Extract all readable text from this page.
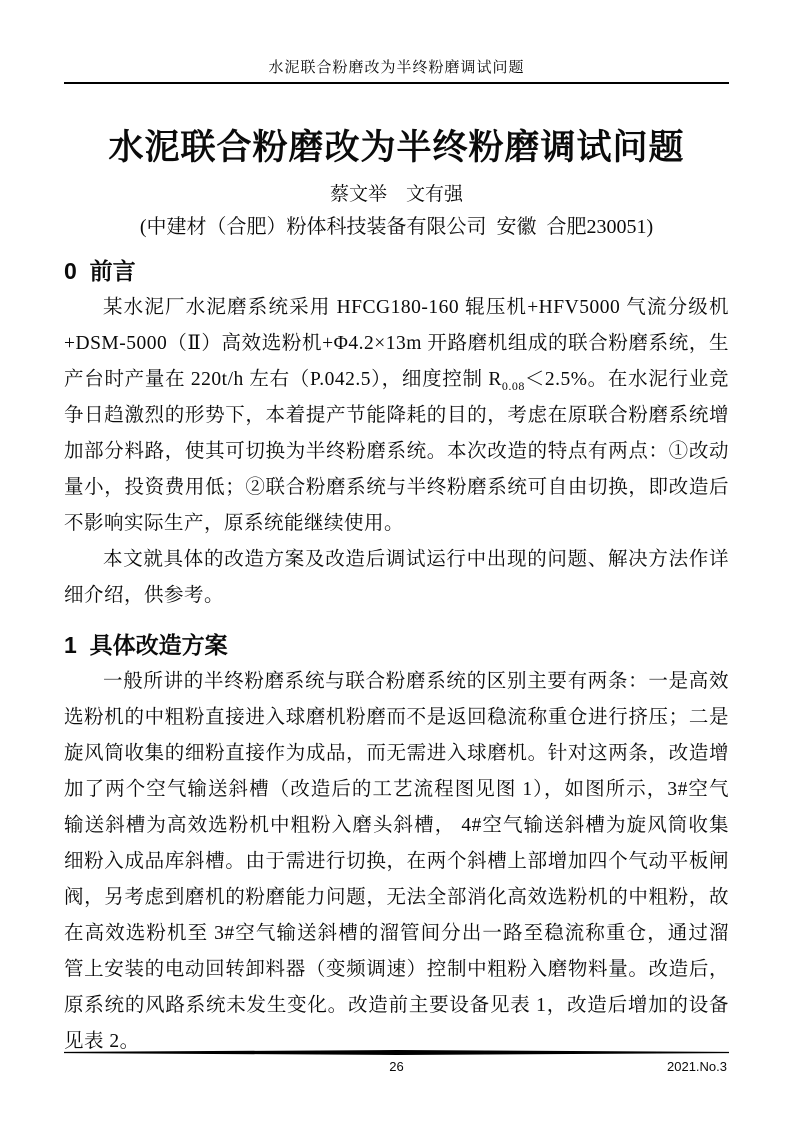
水泥联合粉磨改为半终粉磨调试问题
水泥联合粉磨改为半终粉磨调试问题
蔡文举    文有强
(中建材（合肥）粉体科技装备有限公司  安徽  合肥230051)
0  前言

某水泥厂水泥磨系统采用 HFCG180-160 辊压机+HFV5000 气流分级机+DSM-5000（Ⅱ）高效选粉机+Φ4.2×13m 开路磨机组成的联合粉磨系统，生产台时产量在 220t/h 左右（P.042.5），细度控制 $R_{0.08}<2.5\%$。在水泥行业竞争日趋激烈的形势下，本着提产节能降耗的目的，考虑在原联合粉磨系统增加部分料路，使其可切换为半终粉磨系统。本次改造的特点有两点：①改动量小，投资费用低；②联合粉磨系统与半终粉磨系统可自由切换，即改造后不影响实际生产，原系统能继续使用。

本文就具体的改造方案及改造后调试运行中出现的问题、解决方法作详细介绍，供参考。

1  具体改造方案

一般所讲的半终粉磨系统与联合粉磨系统的区别主要有两条：一是高效选粉机的中粗粉直接进入球磨机粉磨而不是返回稳流称重仓进行挤压；二是旋风筒收集的细粉直接作为成品，而无需进入球磨机。针对这两条，改造增加了两个空气输送斜槽（改造后的工艺流程图见图 1），如图所示，3#空气输送斜槽为高效选粉机中粗粉入磨头斜槽， 4#空气输送斜槽为旋风筒收集细粉入成品库斜槽。由于需进行切换，在两个斜槽上部增加四个气动平板闸阀，另考虑到磨机的粉磨能力问题，无法全部消化高效选粉机的中粗粉，故在高效选粉机至 3#空气输送斜槽的溜管间分出一路至稳流称重仓，通过溜管上安装的电动回转卸料器（变频调速）控制中粗粉入磨物料量。改造后，原系统的风路系统未发生变化。改造前主要设备见表 1，改造后增加的设备见表 2。

26	2021.No.3
